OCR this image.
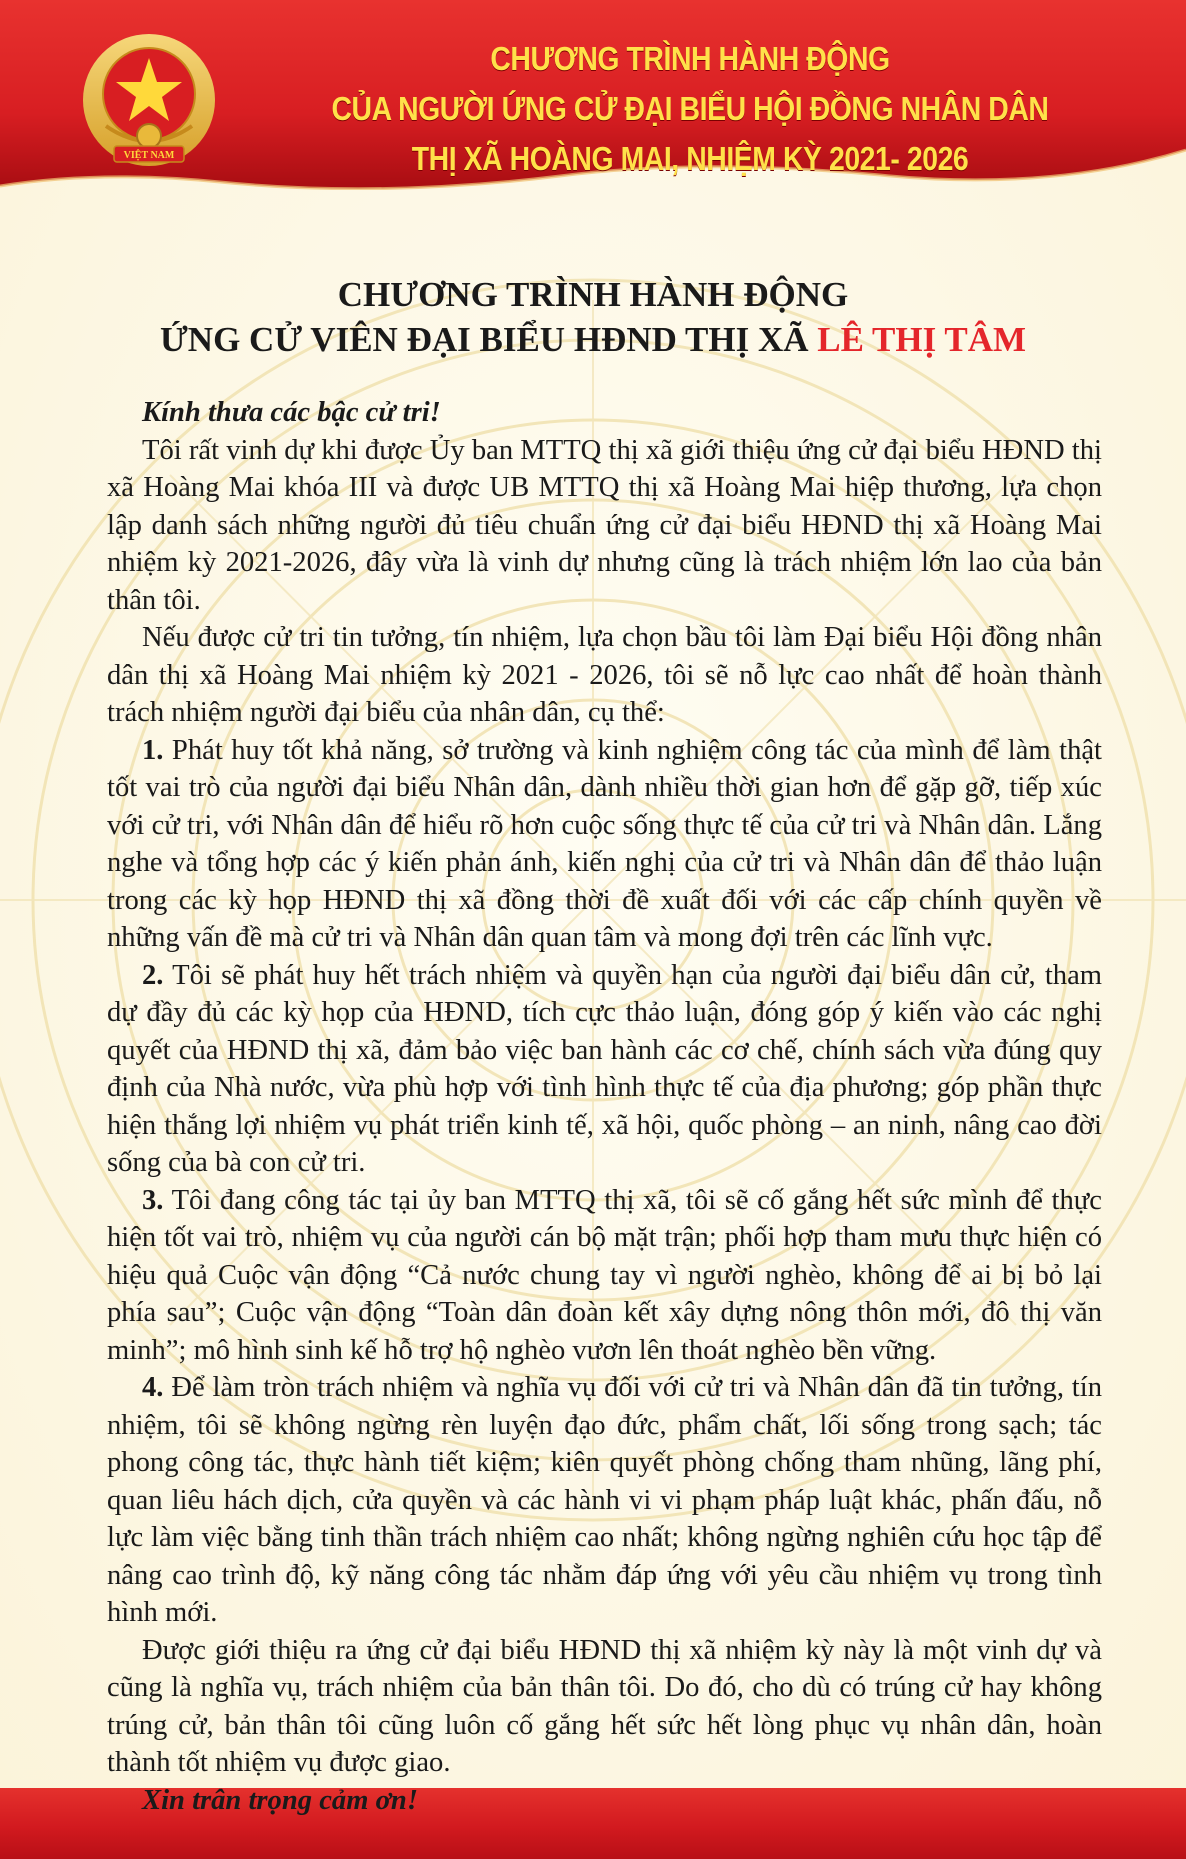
VIỆT NAM
CHƯƠNG TRÌNH HÀNH ĐỘNG
CỦA NGƯỜI ỨNG CỬ ĐẠI BIỂU HỘI ĐỒNG NHÂN DÂN
THỊ XÃ HOÀNG MAI, NHIỆM KỲ 2021- 2026

CHƯƠNG TRÌNH HÀNH ĐỘNG

ỨNG CỬ VIÊN ĐẠI BIỂU HĐND THỊ XÃ LÊ THỊ TÂM

Kính thưa các bậc cử tri!

Tôi rất vinh dự khi được Ủy ban MTTQ thị xã giới thiệu ứng cử đại biểu HĐND thị xã Hoàng Mai khóa III và được UB MTTQ thị xã Hoàng Mai hiệp thương, lựa chọn lập danh sách những người đủ tiêu chuẩn ứng cử đại biểu HĐND thị xã Hoàng Mai nhiệm kỳ 2021-2026, đây vừa là vinh dự nhưng cũng là trách nhiệm lớn lao của bản thân tôi.

Nếu được cử tri tin tưởng, tín nhiệm, lựa chọn bầu tôi làm Đại biểu Hội đồng nhân dân thị xã Hoàng Mai nhiệm kỳ 2021 - 2026, tôi sẽ nỗ lực cao nhất để hoàn thành trách nhiệm người đại biểu của nhân dân, cụ thể:

1. Phát huy tốt khả năng, sở trường và kinh nghiệm công tác của mình để làm thật tốt vai trò của người đại biểu Nhân dân, dành nhiều thời gian hơn để gặp gỡ, tiếp xúc với cử tri, với Nhân dân để hiểu rõ hơn cuộc sống thực tế của cử tri và Nhân dân. Lắng nghe và tổng hợp các ý kiến phản ánh, kiến nghị của cử tri và Nhân dân để thảo luận trong các kỳ họp HĐND thị xã đồng thời đề xuất đối với các cấp chính quyền về những vấn đề mà cử tri và Nhân dân quan tâm và mong đợi trên các lĩnh vực.

2. Tôi sẽ phát huy hết trách nhiệm và quyền hạn của người đại biểu dân cử, tham dự đầy đủ các kỳ họp của HĐND, tích cực thảo luận, đóng góp ý kiến vào các nghị quyết của HĐND thị xã, đảm bảo việc ban hành các cơ chế, chính sách vừa đúng quy định của Nhà nước, vừa phù hợp với tình hình thực tế của địa phương; góp phần thực hiện thắng lợi nhiệm vụ phát triển kinh tế, xã hội, quốc phòng – an ninh, nâng cao đời sống của bà con cử tri.

3. Tôi đang công tác tại ủy ban MTTQ thị xã, tôi sẽ cố gắng hết sức mình để thực hiện tốt vai trò, nhiệm vụ của người cán bộ mặt trận; phối hợp tham mưu thực hiện có hiệu quả Cuộc vận động “Cả nước chung tay vì người nghèo, không để ai bị bỏ lại phía sau”; Cuộc vận động “Toàn dân đoàn kết xây dựng nông thôn mới, đô thị văn minh”; mô hình sinh kế hỗ trợ hộ nghèo vươn lên thoát nghèo bền vững.

4. Để làm tròn trách nhiệm và nghĩa vụ đối với cử tri và Nhân dân đã tin tưởng, tín nhiệm, tôi sẽ không ngừng rèn luyện đạo đức, phẩm chất, lối sống trong sạch; tác phong công tác, thực hành tiết kiệm; kiên quyết phòng chống tham nhũng, lãng phí, quan liêu hách dịch, cửa quyền và các hành vi vi phạm pháp luật khác, phấn đấu, nỗ lực làm việc bằng tinh thần trách nhiệm cao nhất; không ngừng nghiên cứu học tập để nâng cao trình độ, kỹ năng công tác nhằm đáp ứng với yêu cầu nhiệm vụ trong tình hình mới.

Được giới thiệu ra ứng cử đại biểu HĐND thị xã nhiệm kỳ này là một vinh dự và cũng là nghĩa vụ, trách nhiệm của bản thân tôi. Do đó, cho dù có trúng cử hay không trúng cử, bản thân tôi cũng luôn cố gắng hết sức hết lòng phục vụ nhân dân, hoàn thành tốt nhiệm vụ được giao.

Xin trân trọng cảm ơn!
